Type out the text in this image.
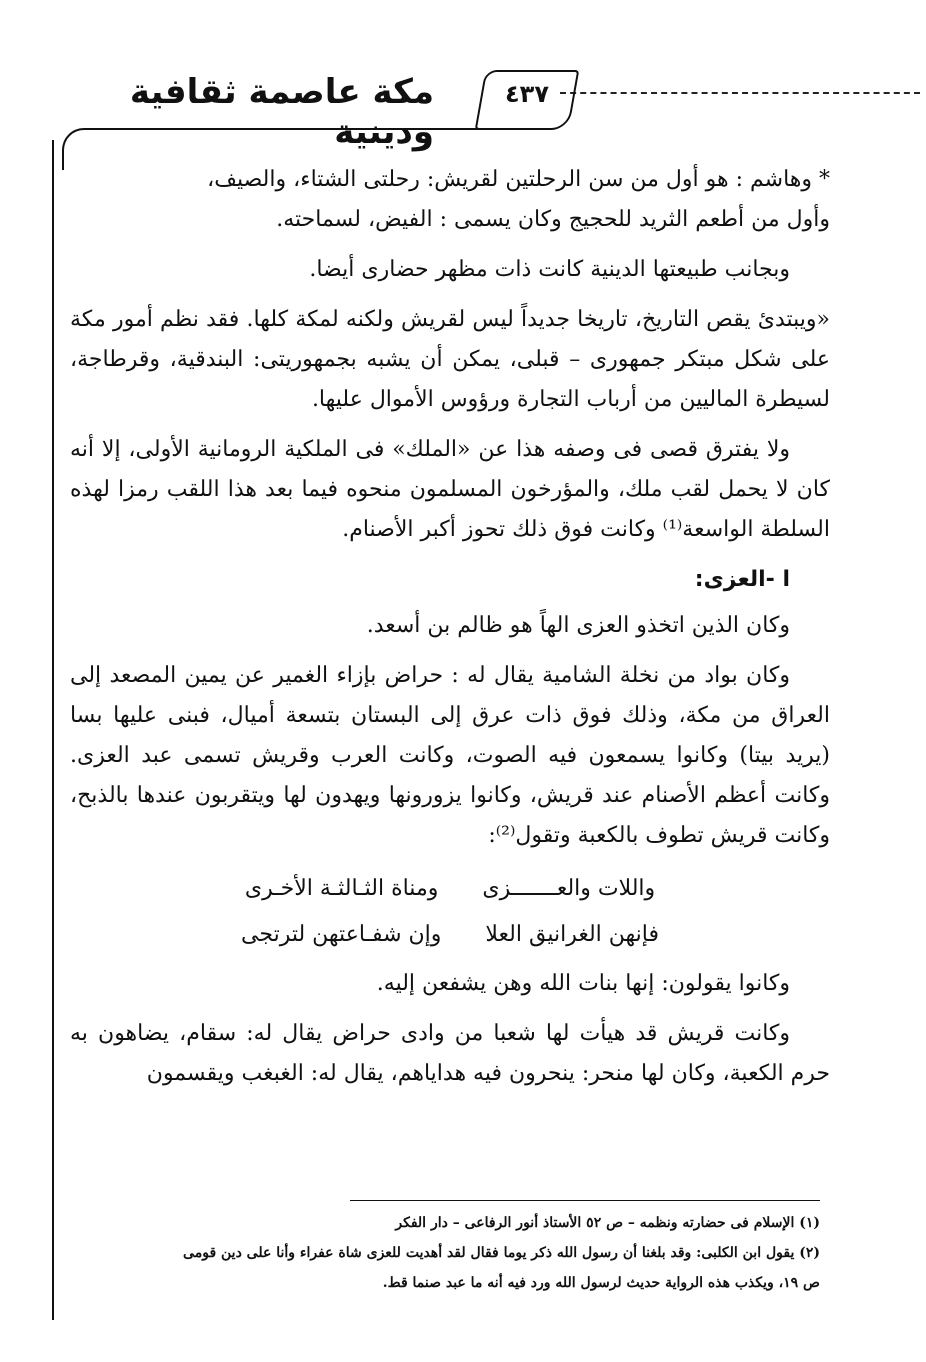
٤٣٧
مكة عاصمة ثقافية ودينية

* وهاشم : هو أول من سن الرحلتين لقريش: رحلتى الشتاء، والصيف،
وأول من أطعم الثريد للحجيج وكان يسمى : الفيض، لسماحته.

وبجانب طبيعتها الدينية كانت ذات مظهر حضارى أيضا.

«ويبتدئ يقص التاريخ، تاريخا جديداً ليس لقريش ولكنه لمكة كلها. فقد نظم أمور مكة على شكل مبتكر جمهورى – قبلى، يمكن أن يشبه بجمهوريتى: البندقية، وقرطاجة، لسيطرة الماليين من أرباب التجارة ورؤوس الأموال عليها.

ولا يفترق قصى فى وصفه هذا عن «الملك» فى الملكية الرومانية الأولى، إلا أنه كان لا يحمل لقب ملك، والمؤرخون المسلمون منحوه فيما بعد هذا اللقب رمزا لهذه السلطة الواسعة⁽¹⁾ وكانت فوق ذلك تحوز أكبر الأصنام.

ا -العزى:

وكان الذين اتخذو العزى الهاً هو ظالم بن أسعد.

وكان بواد من نخلة الشامية يقال له : حراض بإزاء الغمير عن يمين المصعد إلى العراق من مكة، وذلك فوق ذات عرق إلى البستان بتسعة أميال، فبنى عليها بسا (يريد بيتا) وكانوا يسمعون فيه الصوت، وكانت العرب وقريش تسمى عبد العزى. وكانت أعظم الأصنام عند قريش، وكانوا يزورونها ويهدون لها ويتقربون عندها بالذبح، وكانت قريش تطوف بالكعبة وتقول⁽²⁾:

واللات والعـــــــزى
ومناة الثـالثـة الأخـرى
فإنهن الغرانيق العلا
وإن شفـاعتهن لترتجى

وكانوا يقولون: إنها بنات الله وهن يشفعن إليه.

وكانت قريش قد هيأت لها شعبا من وادى حراض يقال له: سقام، يضاهون به حرم الكعبة، وكان لها منحر: ينحرون فيه هداياهم، يقال له: الغبغب ويقسمون

(١) الإسلام فى حضارته ونظمه – ص ٥٢ الأستاذ أنور الرفاعى – دار الفكر

(٢) يقول ابن الكلبى: وقد بلغنا أن رسول الله ذكر يوما فقال لقد أهديت للعزى شاة عفراء وأنا على دين قومى

ص ١٩، ويكذب هذه الرواية حديث لرسول الله ورد فيه أنه ما عبد صنما قط.
